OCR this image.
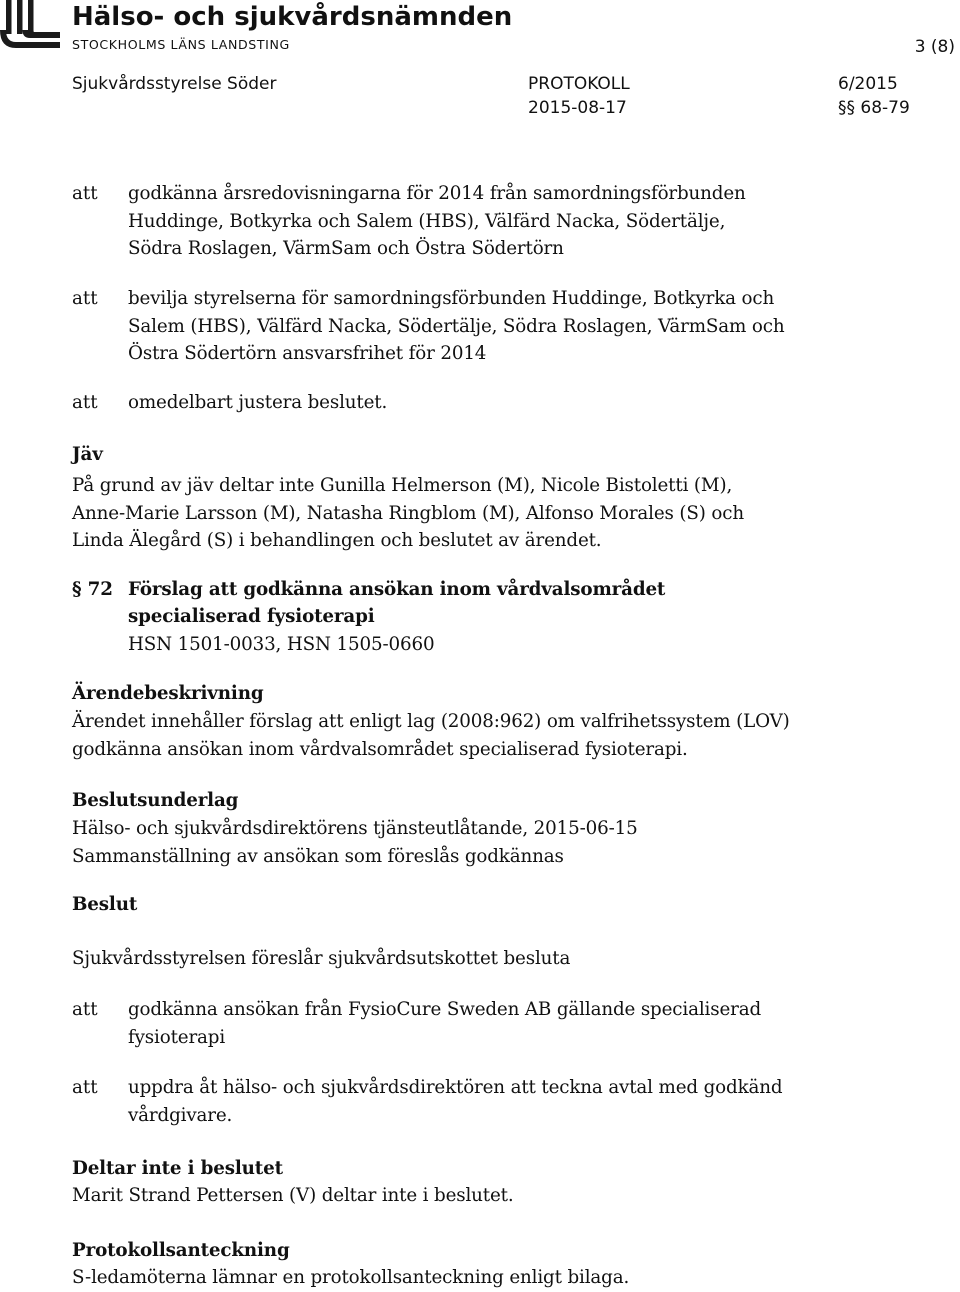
Hälso- och sjukvårdsnämnden
STOCKHOLMS LÄNS LANDSTING	3 (8)
Sjukvårdsstyrelse Söder	PROTOKOLL	6/2015
2015-08-17	§§ 68-79
att godkänna årsredovisningarna för 2014 från samordningsförbunden
Huddinge, Botkyrka och Salem (HBS), Välfärd Nacka, Södertälje,
Södra Roslagen, VärmSam och Östra Södertörn
att bevilja styrelserna för samordningsförbunden Huddinge, Botkyrka och
Salem (HBS), Välfärd Nacka, Södertälje, Södra Roslagen, VärmSam och
Östra Södertörn ansvarsfrihet för 2014
att omedelbart justera beslutet.
Jäv
På grund av jäv deltar inte Gunilla Helmerson (M), Nicole Bistoletti (M),
Anne-Marie Larsson (M), Natasha Ringblom (M), Alfonso Morales (S) och
Linda Älegård (S) i behandlingen och beslutet av ärendet.
§ 72 Förslag att godkänna ansökan inom vårdvalsområdet
specialiserad fysioterapi
HSN 1501-0033, HSN 1505-0660
Ärendebeskrivning
Ärendet innehåller förslag att enligt lag (2008:962) om valfrihetssystem (LOV)
godkänna ansökan inom vårdvalsområdet specialiserad fysioterapi.
Beslutsunderlag
Hälso- och sjukvårdsdirektörens tjänsteutlåtande, 2015-06-15
Sammanställning av ansökan som föreslås godkännas
Beslut
Sjukvårdsstyrelsen föreslår sjukvårdsutskottet besluta
att godkänna ansökan från FysioCure Sweden AB gällande specialiserad
fysioterapi
att uppdra åt hälso- och sjukvårdsdirektören att teckna avtal med godkänd
vårdgivare.
Deltar inte i beslutet
Marit Strand Pettersen (V) deltar inte i beslutet.
Protokollsanteckning
S-ledamöterna lämnar en protokollsanteckning enligt bilaga.
